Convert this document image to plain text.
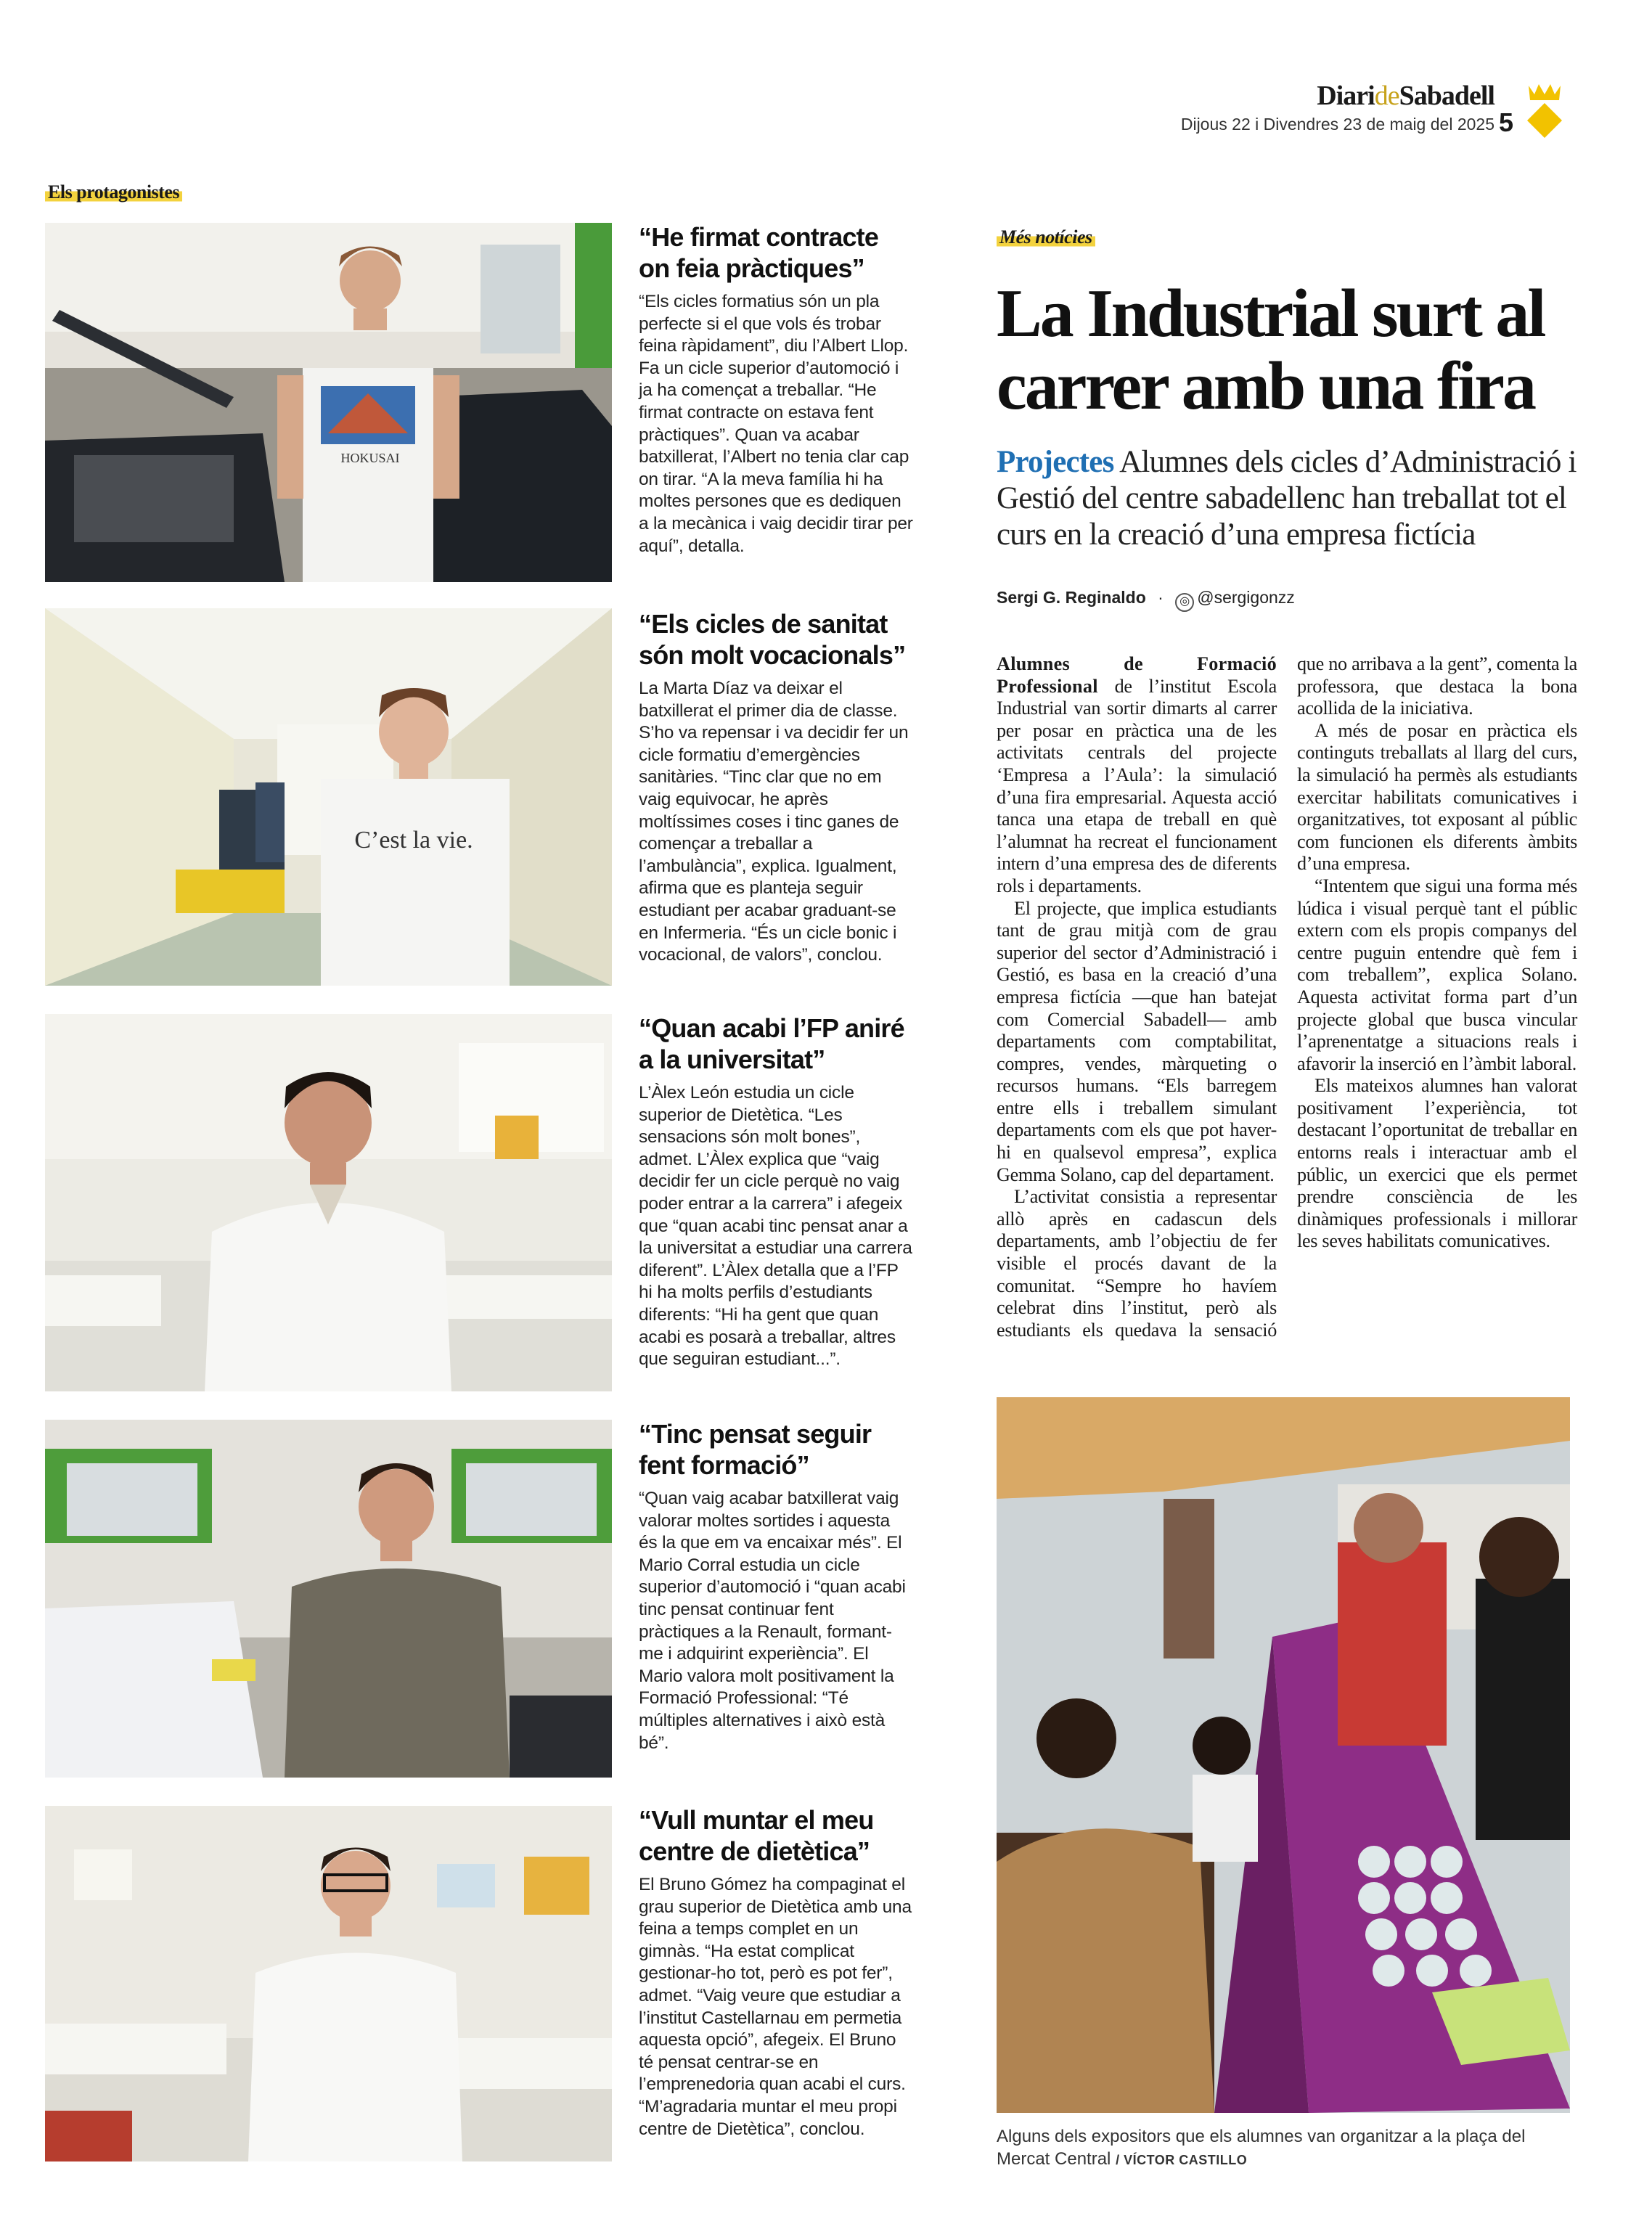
DiarideSabadell
Dijous 22 i Divendres 23 de maig del 2025 5
Els protagonistes
HOKUSAI
“He firmat contracte on feia pràctiques”

“Els cicles formatius són un pla perfecte si el que vols és trobar feina ràpidament”, diu l’Albert Llop. Fa un cicle superior d’automoció i ja ha començat a treballar. “He firmat contracte on estava fent pràctiques”. Quan va acabar batxillerat, l’Albert no tenia clar cap on tirar. “A la meva família hi ha moltes persones que es dediquen a la mecànica i vaig decidir tirar per aquí”, detalla.

C’est la vie.
“Els cicles de sanitat són molt vocacionals”

La Marta Díaz va deixar el batxillerat el primer dia de classe. S’ho va repensar i va decidir fer un cicle formatiu d’emergències sanitàries. “Tinc clar que no em vaig equivocar, he après moltíssimes coses i tinc ganes de començar a treballar a l’ambulància”, explica. Igualment, afirma que es planteja seguir estudiant per acabar graduant-se en Infermeria. “És un cicle bonic i vocacional, de valors”, conclou.

“Quan acabi l’FP aniré a la universitat”

L’Àlex León estudia un cicle superior de Dietètica. “Les sensacions són molt bones”, admet. L’Àlex explica que “vaig decidir fer un cicle perquè no vaig poder entrar a la carrera” i afegeix que “quan acabi tinc pensat anar a la universitat a estudiar una carrera diferent”. L’Àlex detalla que a l’FP hi ha molts perfils d’estudiants diferents: “Hi ha gent que quan acabi es posarà a treballar, altres que seguiran estudiant...”.

“Tinc pensat seguir fent formació”

“Quan vaig acabar batxillerat vaig valorar moltes sortides i aquesta és la que em va encaixar més”. El Mario Corral estudia un cicle superior d’automoció i “quan acabi tinc pensat continuar fent pràctiques a la Renault, formant-me i adquirint experiència”. El Mario valora molt positivament la Formació Professional: “Té múltiples alternatives i això està bé”.

“Vull muntar el meu centre de dietètica”

El Bruno Gómez ha compaginat el grau superior de Dietètica amb una feina a temps complet en un gimnàs. “Ha estat complicat gestionar-ho tot, però es pot fer”, admet. “Vaig veure que estudiar a l’institut Castellarnau em permetia aquesta opció”, afegeix. El Bruno té pensat centrar-se en l’emprenedoria quan acabi el curs. “M’agradaria muntar el meu propi centre de Dietètica”, conclou.

Més notícies
La Industrial surt al carrer amb una fira

Projectes Alumnes dels cicles d’Administració i Gestió del centre sabadellenc han treballat tot el curs en la creació d’una empresa fictícia

Sergi G. Reginaldo · ◎ @sergigonzz

Alumnes de Formació Professional de l’institut Escola Industrial van sortir dimarts al carrer per posar en pràctica una de les activitats centrals del projecte ‘Empresa a l’Aula’: la simulació d’una fira empresarial. Aquesta acció tanca una etapa de treball en què l’alumnat ha recreat el funcionament intern d’una empresa des de diferents rols i departaments.

El projecte, que implica estudiants tant de grau mitjà com de grau superior del sector d’Administració i Gestió, es basa en la creació d’una empresa fictícia —que han batejat com Comercial Sabadell— amb departaments com comptabilitat, compres, vendes, màrqueting o recursos humans. “Els barregem entre ells i treballem simulant departaments com els que pot haver-hi en qualsevol empresa”, explica Gemma Solano, cap del departament.

L’activitat consistia a representar allò après en cadascun dels departaments, amb l’objectiu de fer visible el procés davant de la comunitat. “Sempre ho havíem celebrat dins l’institut, però als estudiants els quedava la sensació que no arribava a la gent”, comenta la professora, que destaca la bona acollida de la iniciativa.

A més de posar en pràctica els continguts treballats al llarg del curs, la simulació ha permès als estudiants exercitar habilitats comunicatives i organitzatives, tot exposant al públic com funcionen els diferents àmbits d’una empresa.

“Intentem que sigui una forma més lúdica i visual perquè tant el públic extern com els propis companys del centre puguin entendre què fem i com treballem”, explica Solano. Aquesta activitat forma part d’un projecte global que busca vincular l’aprenentatge a situacions reals i afavorir la inserció en l’àmbit laboral.

Els mateixos alumnes han valorat positivament l’experiència, tot destacant l’oportunitat de treballar en entorns reals i interactuar amb el públic, un exercici que els permet prendre consciència de les dinàmiques professionals i millorar les seves habilitats comunicatives.

Alguns dels expositors que els alumnes van organitzar a la plaça del Mercat Central / VÍCTOR CASTILLO
